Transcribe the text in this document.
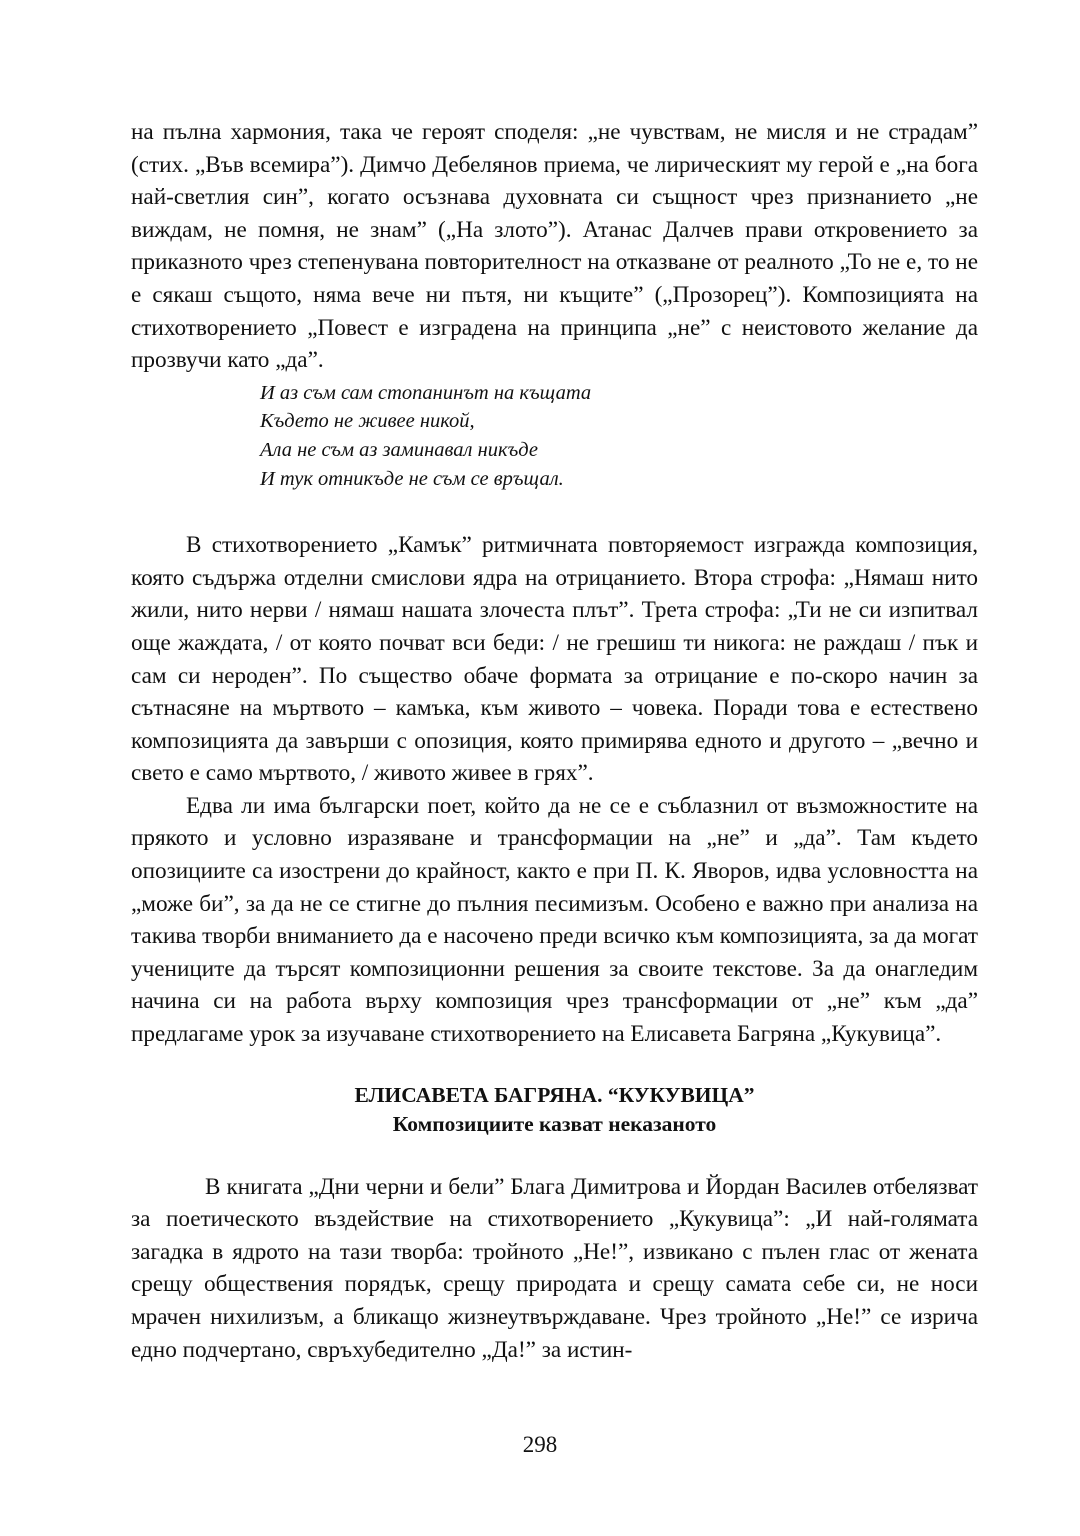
на пълна хармония, така че героят споделя: „не чувствам, не мисля и не страдам” (стих. „Във всемира”). Димчо Дебелянов приема, че лирическият му герой е „на бога най-светлия син”, когато осъзнава духовната си същност чрез признанието „не виждам, не помня, не знам” („На злото”). Атанас Далчев прави откровението за приказното чрез степенувана повторителност на отказване от реалното „То не е, то не е сякаш същото, няма вече ни пътя, ни къщите” („Прозорец”). Композицията на стихотворението „Повест е изградена на принципа „не” с неистовото желание да прозвучи като „да”.

И аз съм сам стопанинът на къщата
Където не живее никой,
Ала не съм аз заминавал никъде
И тук отникъде не съм се връщал.

В стихотворението „Камък” ритмичната повторяемост изгражда композиция, която съдържа отделни смислови ядра на отрицанието. Втора строфа: „Нямаш нито жили, нито нерви / нямаш нашата злочеста плът”. Трета строфа: „Ти не си изпитвал още жаждата, / от която почват вси беди: / не грешиш ти никога: не раждаш / пък и сам си нероден”. По същество обаче формата за отрицание е по-скоро начин за сътнасяне на мъртвото – камъка, към живото – човека. Поради това е естествено композицията да завърши с опозиция, която примирява едното и другото – „вечно и свето е само мъртвото, / живото живее в грях”.

Едва ли има български поет, който да не се е съблазнил от възможностите на прякото и условно изразяване и трансформации на „не” и „да”. Там където опозициите са изострени до крайност, както е при П. К. Яворов, идва условността на „може би”, за да не се стигне до пълния песимизъм. Особено е важно при анализа на такива творби вниманието да е насочено преди всичко към композицията, за да могат учениците да търсят композиционни решения за своите текстове. За да онагледим начина си на работа върху композиция чрез трансформации от „не” към „да” предлагаме урок за изучаване стихотворението на Елисавета Багряна „Кукувица”.

ЕЛИСАВЕТА БАГРЯНА. “КУКУВИЦА”
Композициите казват неказаното

В книгата „Дни черни и бели” Блага Димитрова и Йордан Василев отбелязват за поетическото въздействие на стихотворението „Кукувица”: „И най-голямата загадка в ядрото на тази творба: тройното „Не!”, извикано с пълен глас от жената срещу обществения порядък, срещу природата и срещу самата себе си, не носи мрачен нихилизъм, а бликащо жизнеутвърждаване. Чрез тройното „Не!” се изрича едно подчертано, свръхубедително „Да!” за истин-

298
